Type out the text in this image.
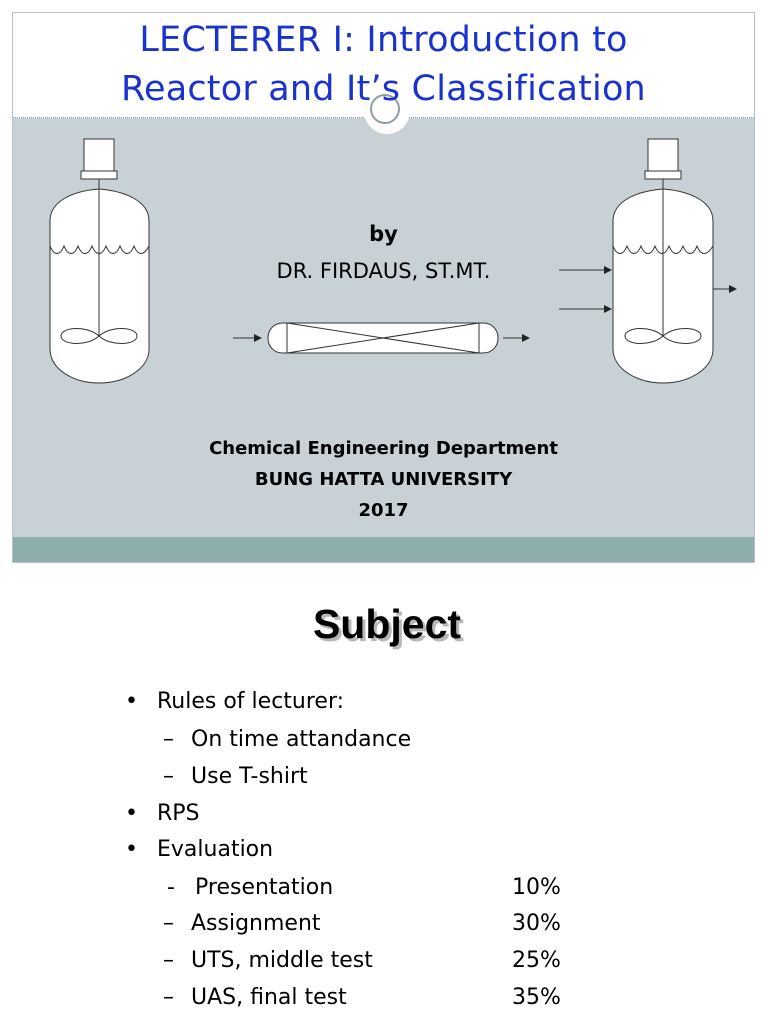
LECTERER I: Introduction to
Reactor and It’s Classification
by
DR. FIRDAUS, ST.MT.
Chemical Engineering Department
BUNG HATTA UNIVERSITY
2017
Subject
• Rules of lecturer:
– On time attandance
– Use T-shirt
• RPS
• Evaluation
- Presentation	10%
– Assignment	30%
– UTS, middle test	25%
– UAS, final test	35%
